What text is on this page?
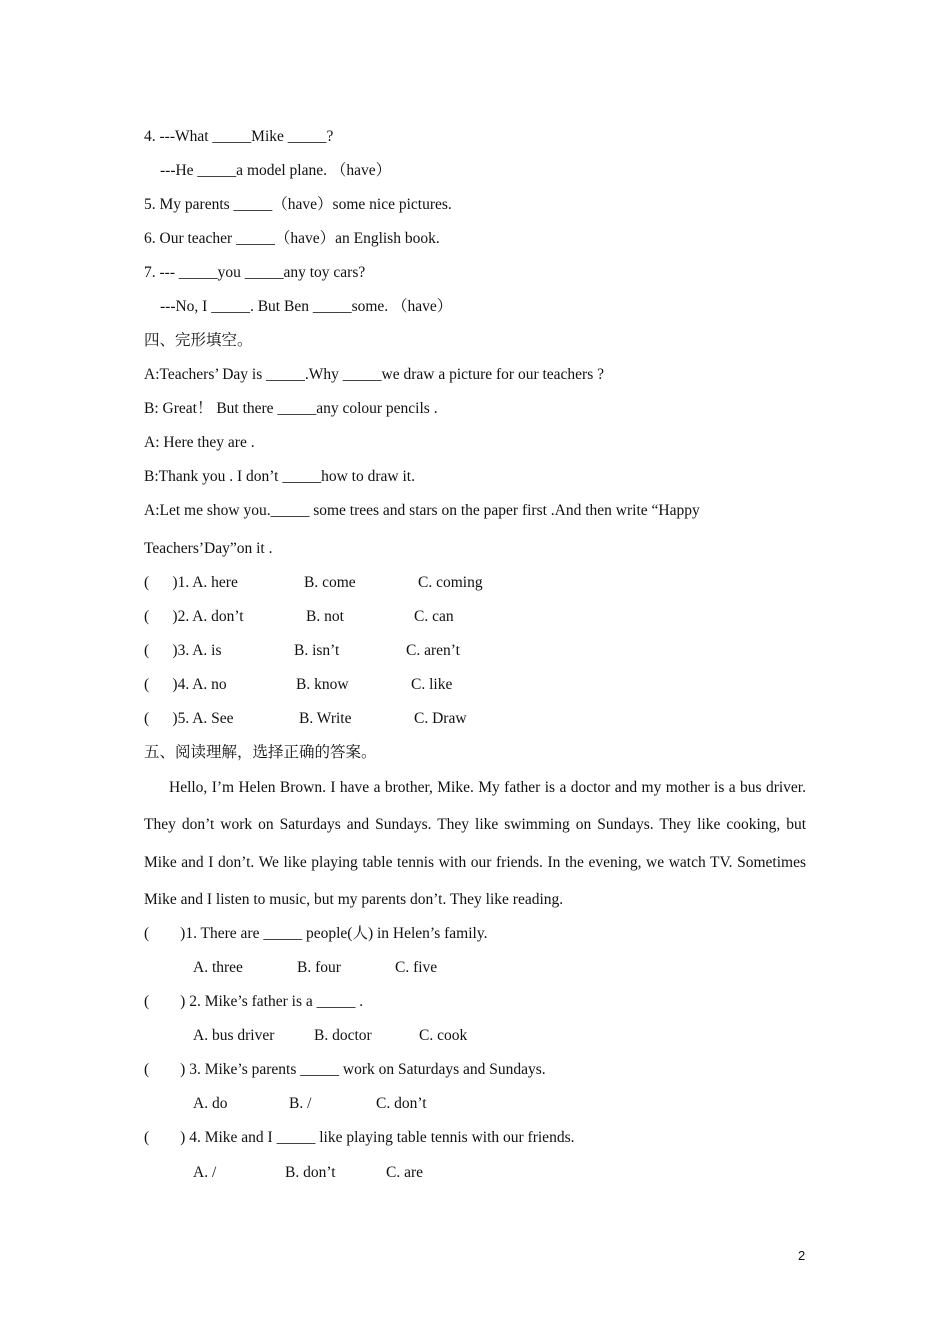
4. ---What _____Mike _____?
---He _____a model plane. （have）
5. My parents _____（have）some nice pictures.
6. Our teacher _____（have）an English book.
7. --- _____you _____any toy cars?
---No, I _____. But Ben _____some. （have）
四、完形填空。
A:Teachers’ Day is _____.Why _____we draw a picture for our teachers ?
B: Great！ But there _____any colour pencils .
A: Here they are .
B:Thank you . I don’t _____how to draw it.
A:Let me show you._____ some trees and stars on the paper first .And then write “Happy
Teachers’Day”on it .
(      )1. A. here	B. come	C. coming
(      )2. A. don’t	B. not	C. can
(      )3. A. is	B. isn’t	C. aren’t
(      )4. A. no	B. know	C. like
(      )5. A. See	B. Write	C. Draw
五、阅读理解，选择正确的答案。
Hello, I’m Helen Brown. I have a brother, Mike. My father is a doctor and my mother is a bus driver. They don’t work on Saturdays and Sundays. They like swimming on Sundays. They like cooking, but Mike and I don’t. We like playing table tennis with our friends. In the evening, we watch TV. Sometimes Mike and I listen to music, but my parents don’t. They like reading.
(        )1. There are _____ people(人) in Helen’s family.
A. three	B. four	C. five
(        ) 2. Mike’s father is a _____ .
A. bus driver	B. doctor	C. cook
(        ) 3. Mike’s parents _____ work on Saturdays and Sundays.
A. do	B. /	C. don’t
(        ) 4. Mike and I _____ like playing table tennis with our friends.
A. /	B. don’t	C. are
2
